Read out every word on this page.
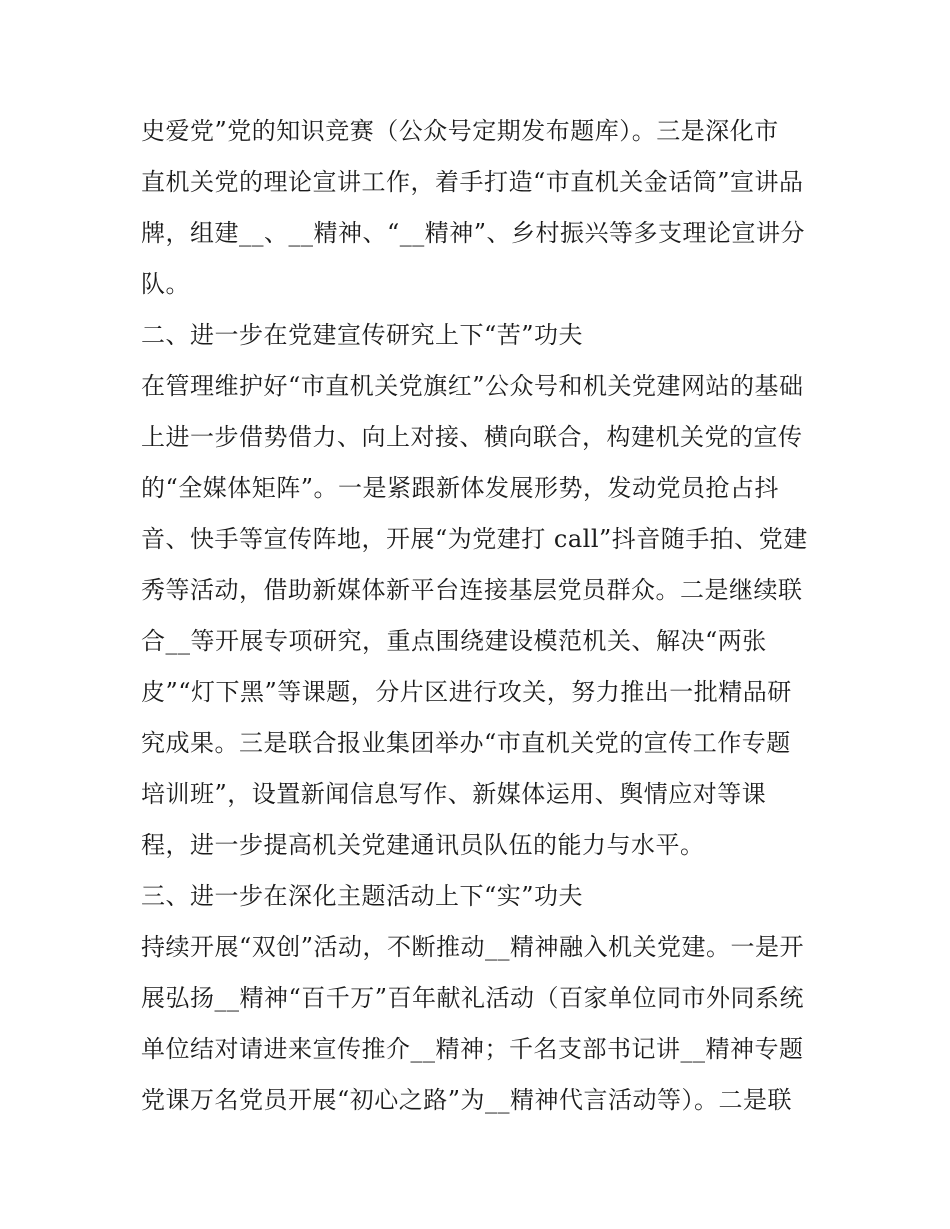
史爱党”党的知识竞赛（公众号定期发布题库）。三是深化市
直机关党的理论宣讲工作，着手打造“市直机关金话筒”宣讲品
牌，组建__、__精神、“__精神”、乡村振兴等多支理论宣讲分
队。
二、进一步在党建宣传研究上下“苦”功夫
在管理维护好“市直机关党旗红”公众号和机关党建网站的基础
上进一步借势借力、向上对接、横向联合，构建机关党的宣传
的“全媒体矩阵”。一是紧跟新体发展形势，发动党员抢占抖
音、快手等宣传阵地，开展“为党建打 call”抖音随手拍、党建
秀等活动，借助新媒体新平台连接基层党员群众。二是继续联
合__等开展专项研究，重点围绕建设模范机关、解决“两张
皮”“灯下黑”等课题，分片区进行攻关，努力推出一批精品研
究成果。三是联合报业集团举办“市直机关党的宣传工作专题
培训班”，设置新闻信息写作、新媒体运用、舆情应对等课
程，进一步提高机关党建通讯员队伍的能力与水平。
三、进一步在深化主题活动上下“实”功夫
持续开展“双创”活动，不断推动__精神融入机关党建。一是开
展弘扬__精神“百千万”百年献礼活动（百家单位同市外同系统
单位结对请进来宣传推介__精神；千名支部书记讲__精神专题
党课万名党员开展“初心之路”为__精神代言活动等）。二是联
